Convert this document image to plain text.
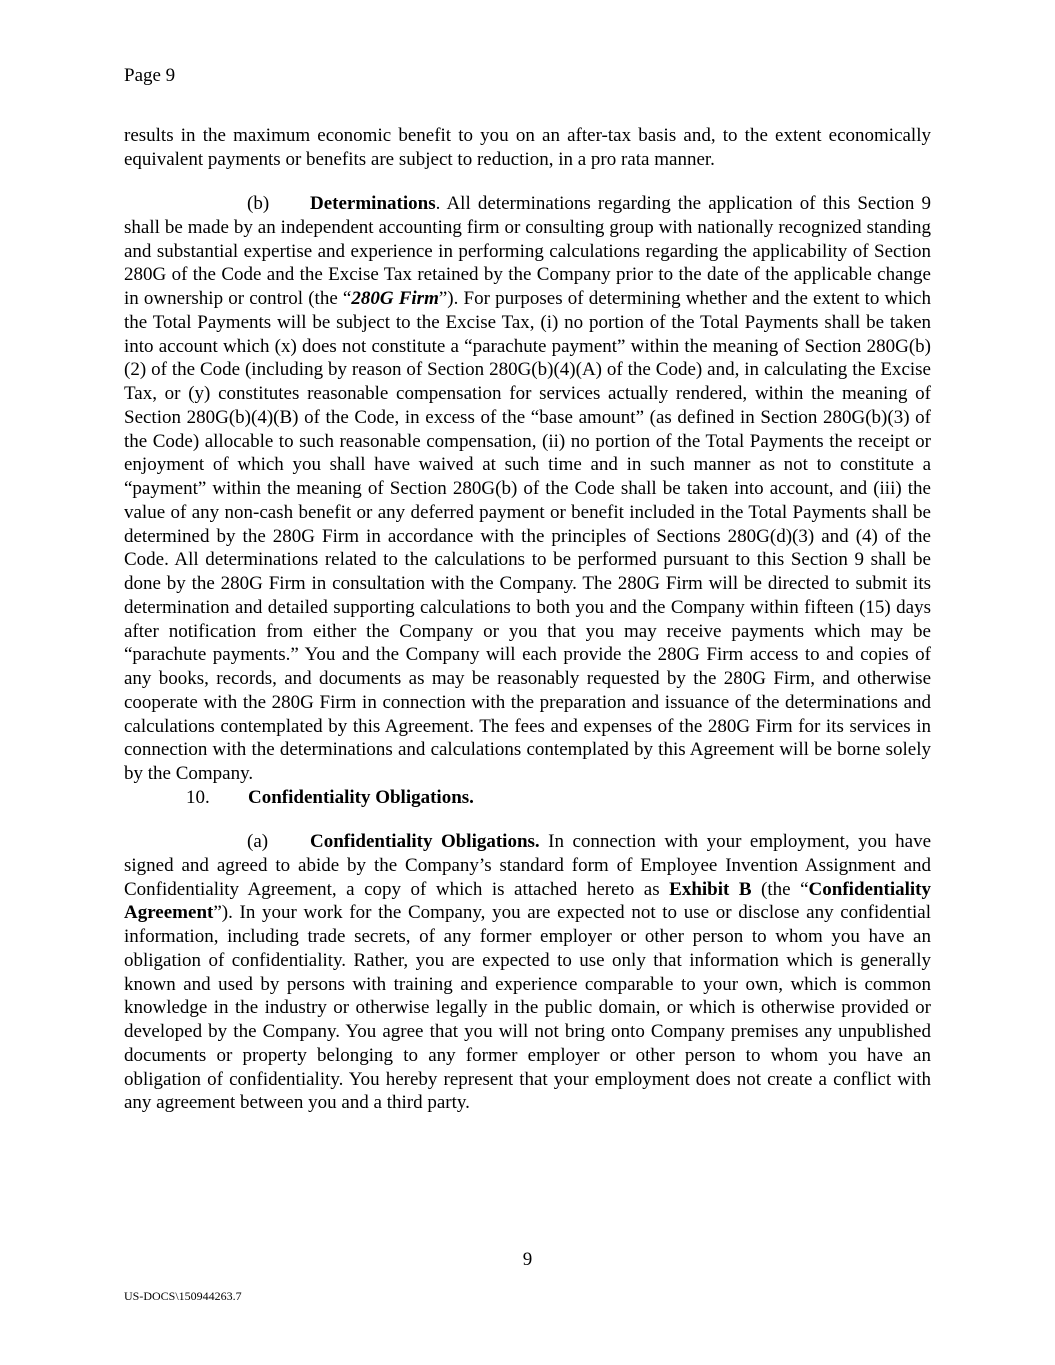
Page 9

results in the maximum economic benefit to you on an after-tax basis and, to the extent economically equivalent payments or benefits are subject to reduction, in a pro rata manner.

(b) Determinations. All determinations regarding the application of this Section 9 shall be made by an independent accounting firm or consulting group with nationally recognized standing and substantial expertise and experience in performing calculations regarding the applicability of Section 280G of the Code and the Excise Tax retained by the Company prior to the date of the applicable change in ownership or control (the “280G Firm”). For purposes of determining whether and the extent to which the Total Payments will be subject to the Excise Tax, (i) no portion of the Total Payments shall be taken into account which (x) does not constitute a “parachute payment” within the meaning of Section 280G(b)(2) of the Code (including by reason of Section 280G(b)(4)(A) of the Code) and, in calculating the Excise Tax, or (y) constitutes reasonable compensation for services actually rendered, within the meaning of Section 280G(b)(4)(B) of the Code, in excess of the “base amount” (as defined in Section 280G(b)(3) of the Code) allocable to such reasonable compensation, (ii) no portion of the Total Payments the receipt or enjoyment of which you shall have waived at such time and in such manner as not to constitute a “payment” within the meaning of Section 280G(b) of the Code shall be taken into account, and (iii) the value of any non-cash benefit or any deferred payment or benefit included in the Total Payments shall be determined by the 280G Firm in accordance with the principles of Sections 280G(d)(3) and (4) of the Code. All determinations related to the calculations to be performed pursuant to this Section 9 shall be done by the 280G Firm in consultation with the Company. The 280G Firm will be directed to submit its determination and detailed supporting calculations to both you and the Company within fifteen (15) days after notification from either the Company or you that you may receive payments which may be “parachute payments.” You and the Company will each provide the 280G Firm access to and copies of any books, records, and documents as may be reasonably requested by the 280G Firm, and otherwise cooperate with the 280G Firm in connection with the preparation and issuance of the determinations and calculations contemplated by this Agreement. The fees and expenses of the 280G Firm for its services in connection with the determinations and calculations contemplated by this Agreement will be borne solely by the Company.

10. Confidentiality Obligations.

(a) Confidentiality Obligations. In connection with your employment, you have signed and agreed to abide by the Company’s standard form of Employee Invention Assignment and Confidentiality Agreement, a copy of which is attached hereto as Exhibit B (the “Confidentiality Agreement”). In your work for the Company, you are expected not to use or disclose any confidential information, including trade secrets, of any former employer or other person to whom you have an obligation of confidentiality. Rather, you are expected to use only that information which is generally known and used by persons with training and experience comparable to your own, which is common knowledge in the industry or otherwise legally in the public domain, or which is otherwise provided or developed by the Company. You agree that you will not bring onto Company premises any unpublished documents or property belonging to any former employer or other person to whom you have an obligation of confidentiality. You hereby represent that your employment does not create a conflict with any agreement between you and a third party.

9
US-DOCS\150944263.7
